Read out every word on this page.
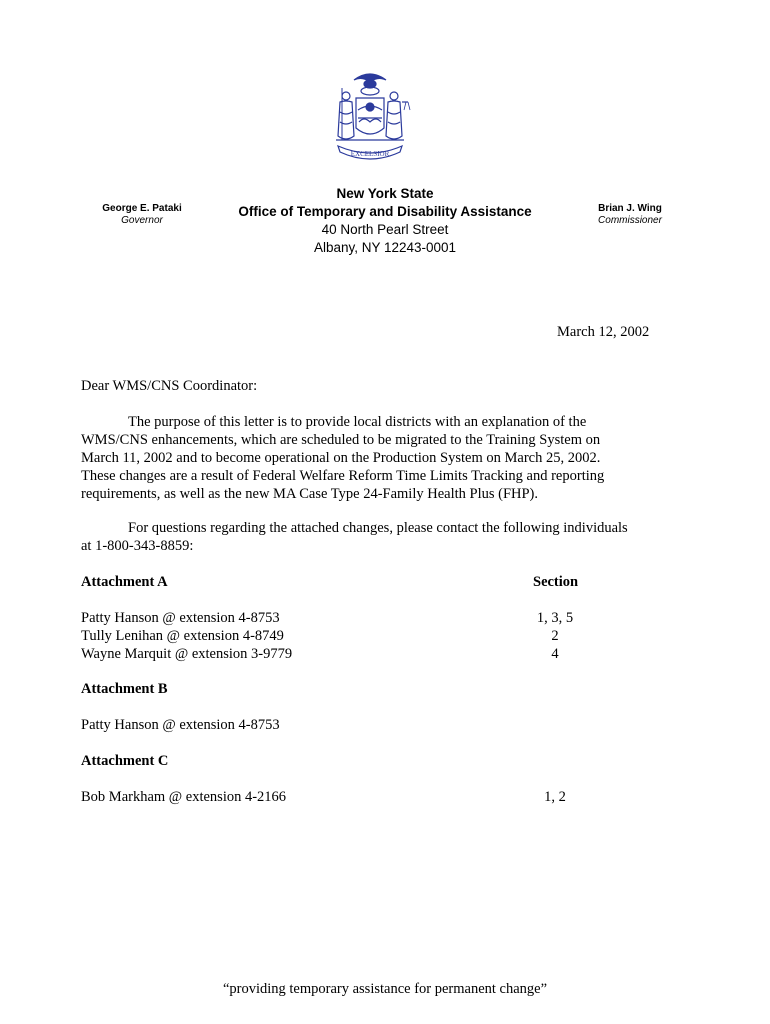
EXCELSIOR
George E. Pataki
Governor
New York State
Office of Temporary and Disability Assistance
40 North Pearl Street
Albany, NY 12243-0001
Brian J. Wing
Commissioner
March 12, 2002
Dear WMS/CNS Coordinator:
The purpose of this letter is to provide local districts with an explanation of the
WMS/CNS enhancements, which are scheduled to be migrated to the Training System on
March 11, 2002 and to become operational on the Production System on March 25, 2002.
These changes are a result of Federal Welfare Reform Time Limits Tracking and reporting
requirements, as well as the new MA Case Type 24-Family Health Plus (FHP).
For questions regarding the attached changes, please contact the following individuals
at 1-800-343-8859:
Attachment A	Section
Patty Hanson @ extension 4-8753	1, 3, 5
Tully Lenihan @ extension 4-8749	2
Wayne Marquit @ extension 3-9779	4
Attachment B
Patty Hanson @ extension 4-8753
Attachment C
Bob Markham @ extension 4-2166	1, 2
“providing temporary assistance for permanent change”
